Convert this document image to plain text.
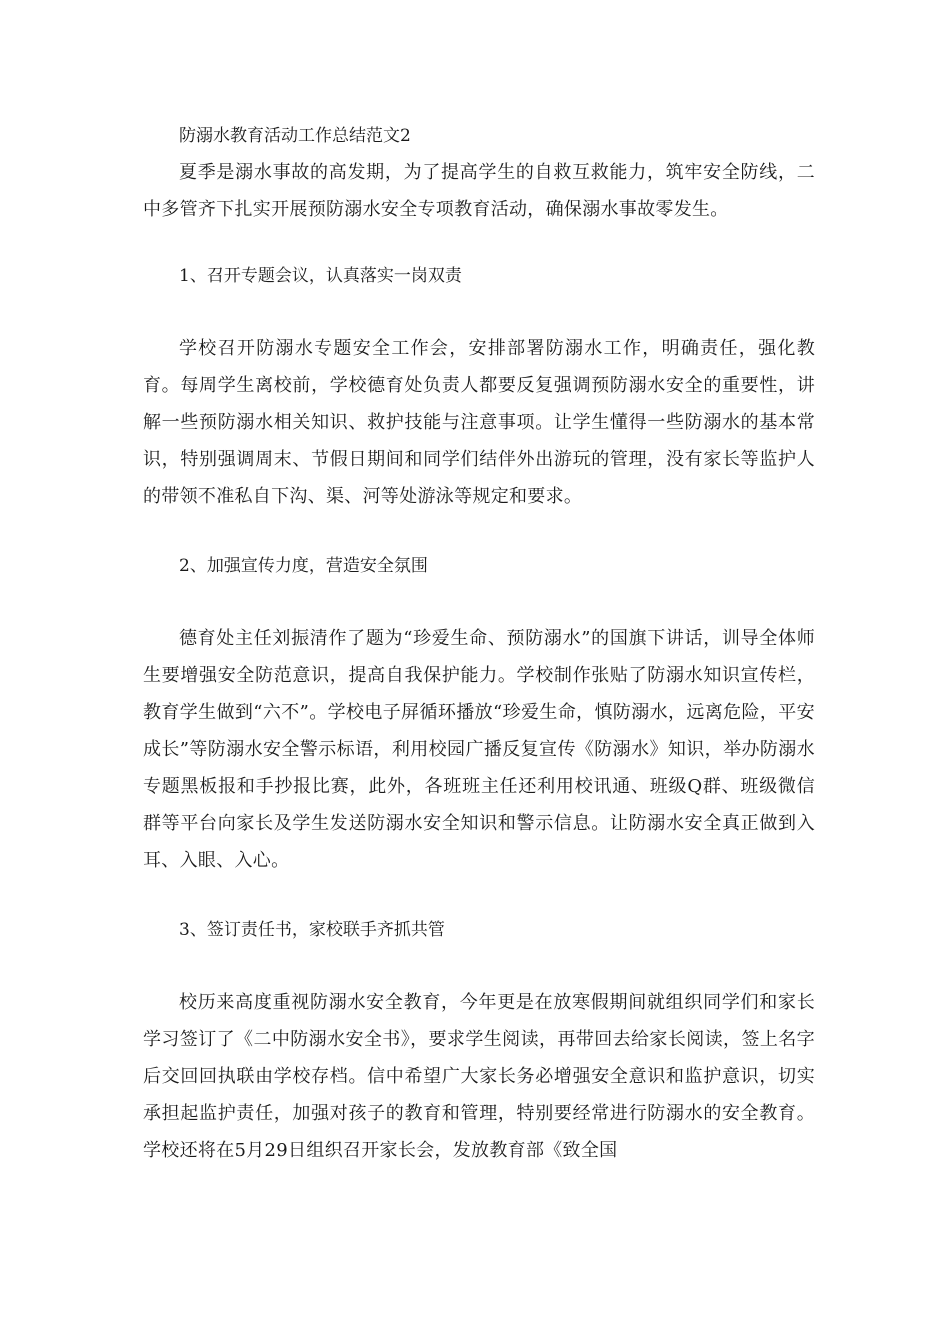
防溺水教育活动工作总结范文2

夏季是溺水事故的高发期，为了提高学生的自救互救能力，筑牢安全防线，二中多管齐下扎实开展预防溺水安全专项教育活动，确保溺水事故零发生。

1、召开专题会议，认真落实一岗双责

学校召开防溺水专题安全工作会，安排部署防溺水工作，明确责任，强化教育。每周学生离校前，学校德育处负责人都要反复强调预防溺水安全的重要性，讲解一些预防溺水相关知识、救护技能与注意事项。让学生懂得一些防溺水的基本常识，特别强调周末、节假日期间和同学们结伴外出游玩的管理，没有家长等监护人的带领不准私自下沟、渠、河等处游泳等规定和要求。

2、加强宣传力度，营造安全氛围

德育处主任刘振清作了题为“珍爱生命、预防溺水”的国旗下讲话，训导全体师生要增强安全防范意识，提高自我保护能力。学校制作张贴了防溺水知识宣传栏，教育学生做到“六不”。学校电子屏循环播放“珍爱生命，慎防溺水，远离危险，平安成长”等防溺水安全警示标语，利用校园广播反复宣传《防溺水》知识，举办防溺水专题黑板报和手抄报比赛，此外，各班班主任还利用校讯通、班级Q群、班级微信群等平台向家长及学生发送防溺水安全知识和警示信息。让防溺水安全真正做到入耳、入眼、入心。

3、签订责任书，家校联手齐抓共管

校历来高度重视防溺水安全教育，今年更是在放寒假期间就组织同学们和家长学习签订了《二中防溺水安全书》，要求学生阅读，再带回去给家长阅读，签上名字后交回回执联由学校存档。信中希望广大家长务必增强安全意识和监护意识，切实承担起监护责任，加强对孩子的教育和管理，特别要经常进行防溺水的安全教育。学校还将在5月29日组织召开家长会，发放教育部《致全国
